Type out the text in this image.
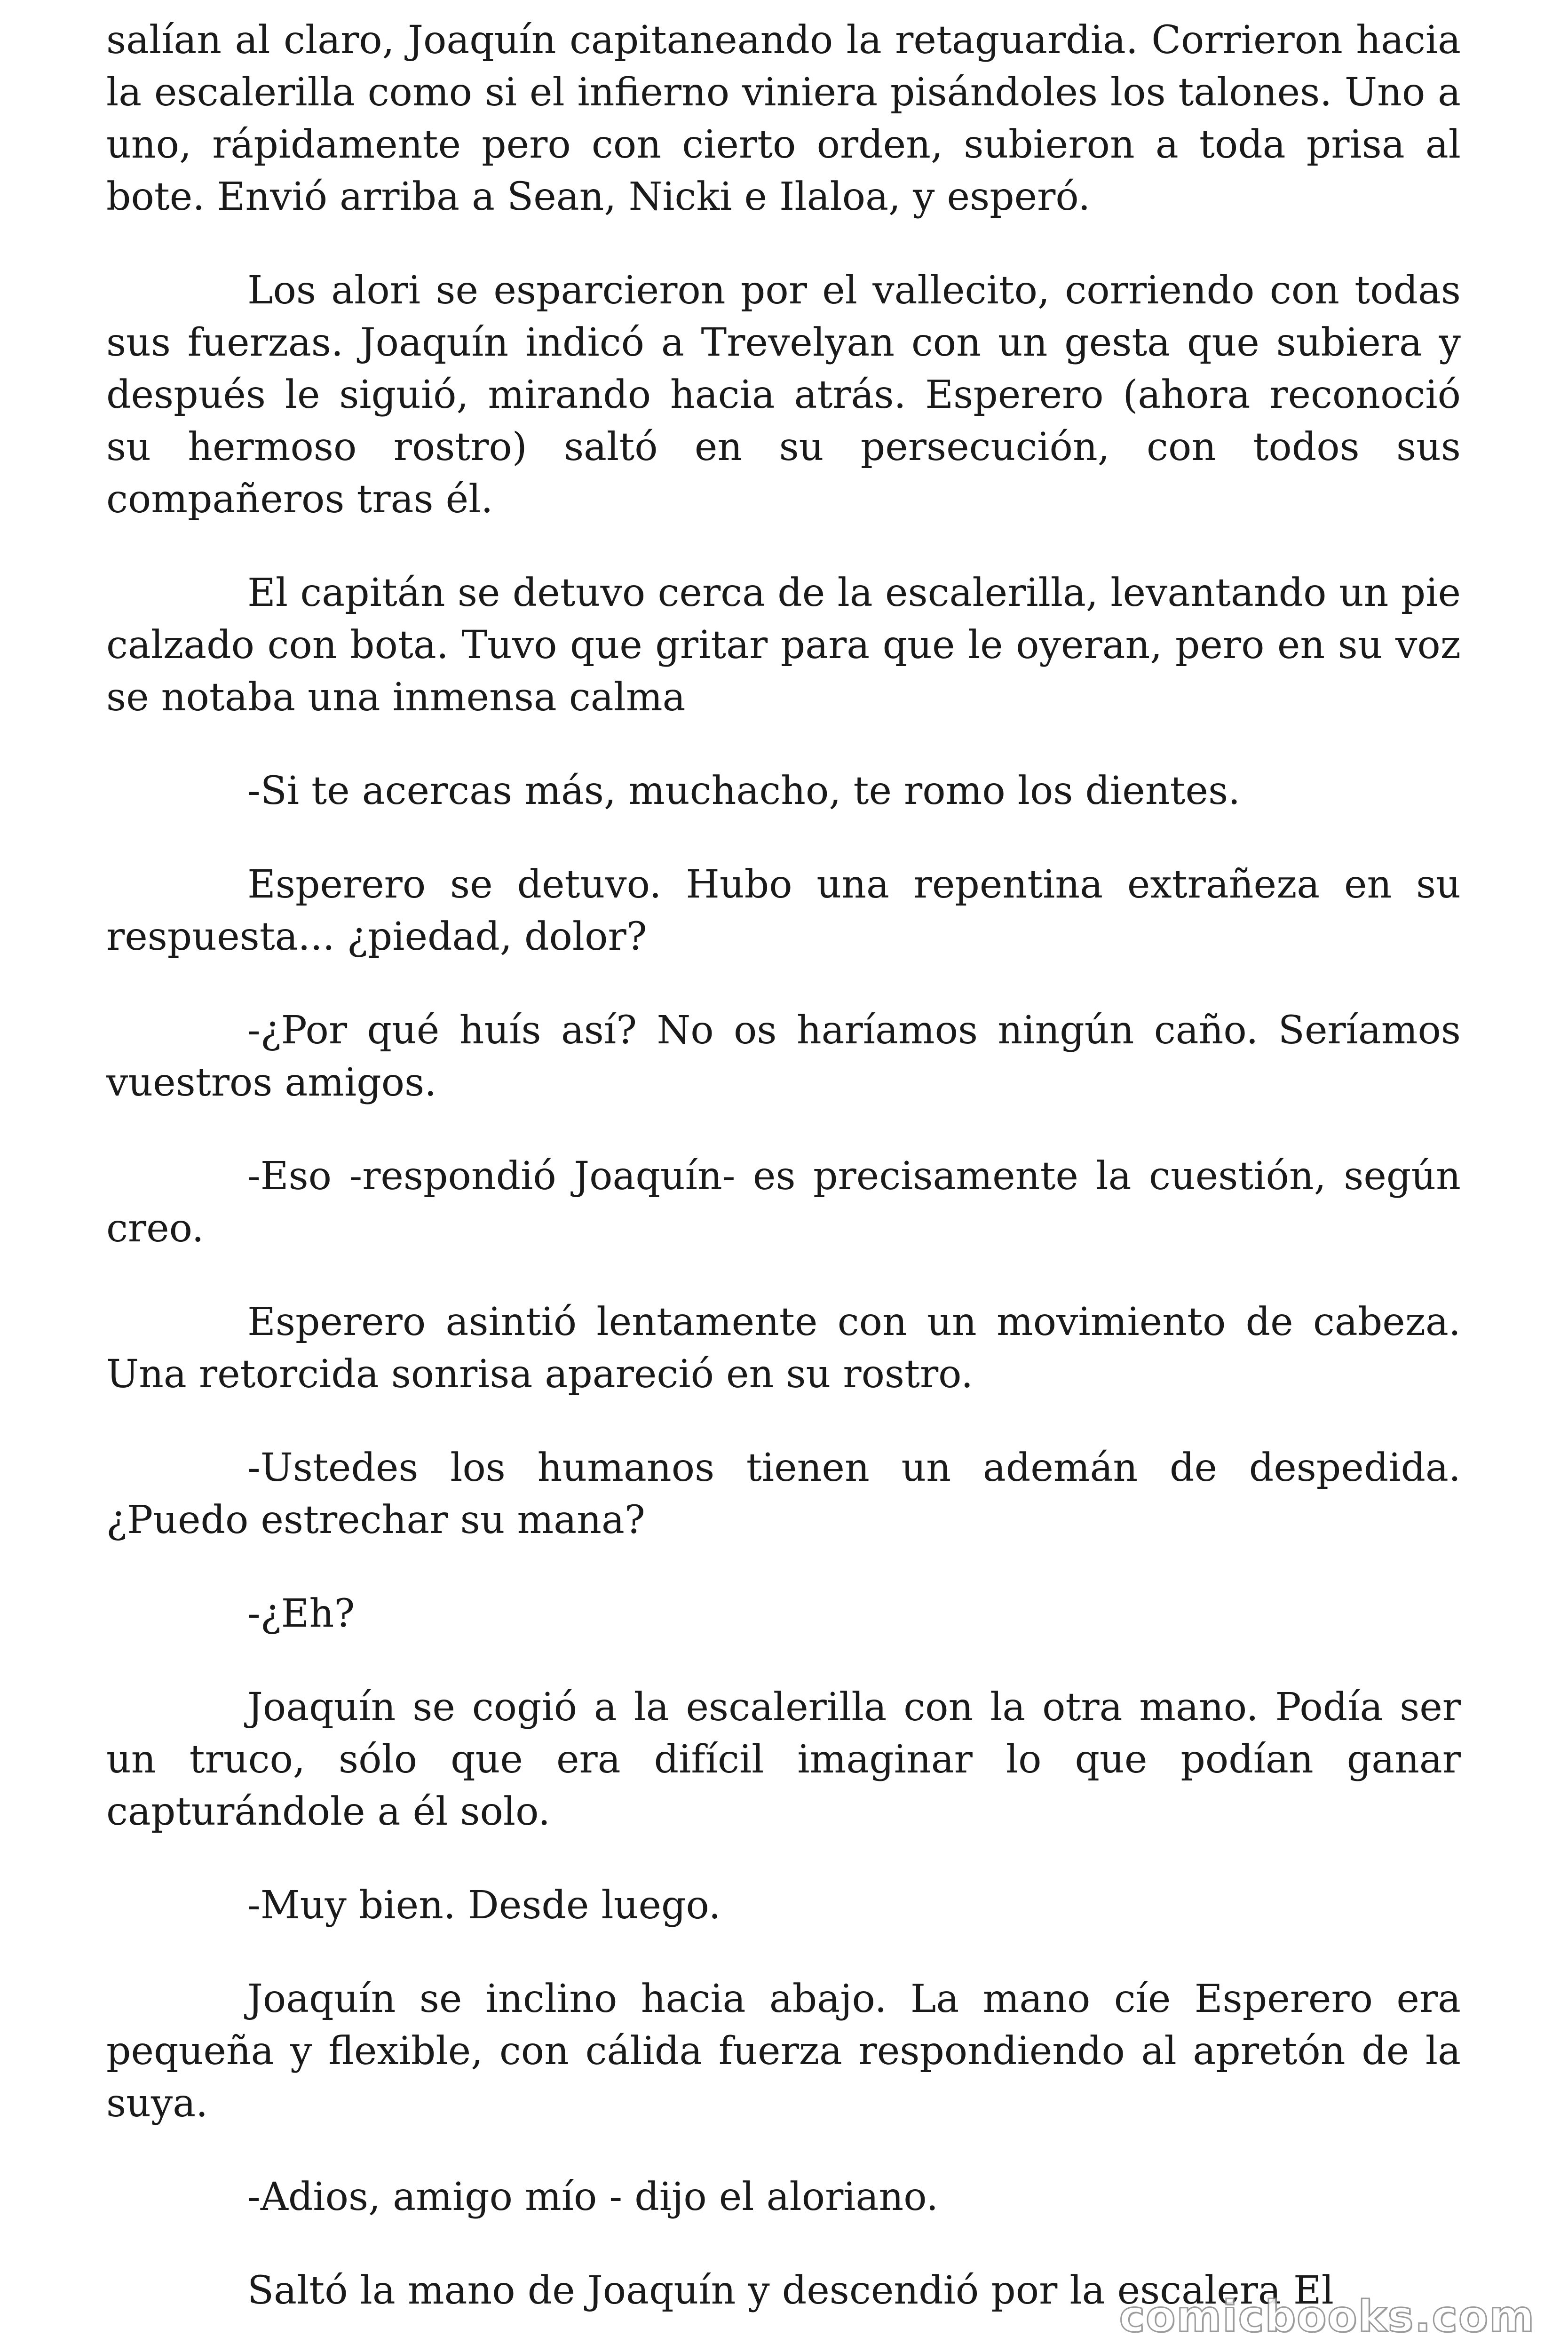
salían al claro, Joaquín capitaneando la retaguardia. Corrieron hacia la escalerilla como si el infierno viniera pisándoles los talones. Uno a uno, rápidamente pero con cierto orden, subieron a toda prisa al bote. Envió arriba a Sean, Nicki e Ilaloa, y esperó.

Los alori se esparcieron por el vallecito, corriendo con todas sus fuerzas. Joaquín indicó a Trevelyan con un gesta que subiera y después le siguió, mirando hacia atrás. Esperero (ahora reconoció su hermoso rostro) saltó en su persecución, con todos sus compañeros tras él.

El capitán se detuvo cerca de la escalerilla, levantando un pie calzado con bota. Tuvo que gritar para que le oyeran, pero en su voz se notaba una inmensa calma

-Si te acercas más, muchacho, te romo los dientes.

Esperero se detuvo. Hubo una repentina extrañeza en su respuesta... ¿piedad, dolor?

-¿Por qué huís así? No os haríamos ningún caño. Seríamos vuestros amigos.

-Eso -respondió Joaquín- es precisamente la cuestión, según creo.

Esperero asintió lentamente con un movimiento de cabeza. Una retorcida sonrisa apareció en su rostro.

-Ustedes los humanos tienen un ademán de despedida. ¿Puedo estrechar su mana?

-¿Eh?

Joaquín se cogió a la escalerilla con la otra mano. Podía ser un truco, sólo que era difícil imaginar lo que podían ganar capturándole a él solo.

-Muy bien. Desde luego.

Joaquín se inclino hacia abajo. La mano cíe Esperero era pequeña y flexible, con cálida fuerza respondiendo al apretón de la suya.

-Adios, amigo mío - dijo el aloriano.

Saltó la mano de Joaquín y descendió por la escalera El

comicbooks.com
